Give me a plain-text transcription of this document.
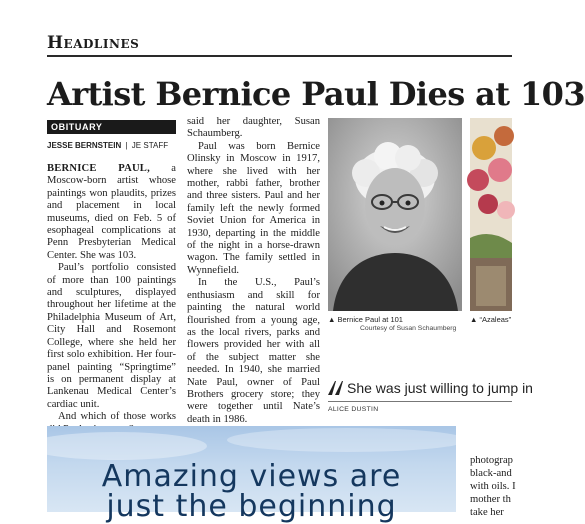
Headlines
Artist Bernice Paul Dies at 103
OBITUARY
JESSE BERNSTEIN | JE STAFF

BERNICE PAUL, a Moscow-born artist whose paintings won plaudits, prizes and placement in local museums, died on Feb. 5 of esophageal complications at Penn Presbyterian Medical Center. She was 103.

Paul’s portfolio consisted of more than 100 paintings and sculptures, displayed throughout her lifetime at the Philadelphia Museum of Art, City Hall and Rosemont College, where she held her first solo exhibition. Her four-panel painting “Springtime” is on permanent display at Lankenau Medical Center’s cardiac unit.

And which of those works

said her daughter, Susan Schaumberg.

Paul was born Bernice Olinsky in Moscow in 1917, where she lived with her mother, rabbi father, brother and three sisters. Paul and her family left the newly formed Soviet Union for America in 1930, departing in the middle of the night in a horse-drawn wagon. The family settled in Wynnefield.

In the U.S., Paul’s enthusiasm and skill for painting the natural world flourished from a young age, as the local rivers, parks and flowers provided her with all of the subject matter she needed. In 1940, she married Nate Paul, owner of Paul Brothers grocery store; they were together until Nate’s death in 1986.

▲ Bernice Paul at 101
Courtesy of Susan Schaumberg
▲ “Azaleas”
She was just willing to jump in
ALICE DUSTIN
Amazing views are
just the beginning
photograp
black-and
with oils. I
mother th
take her
